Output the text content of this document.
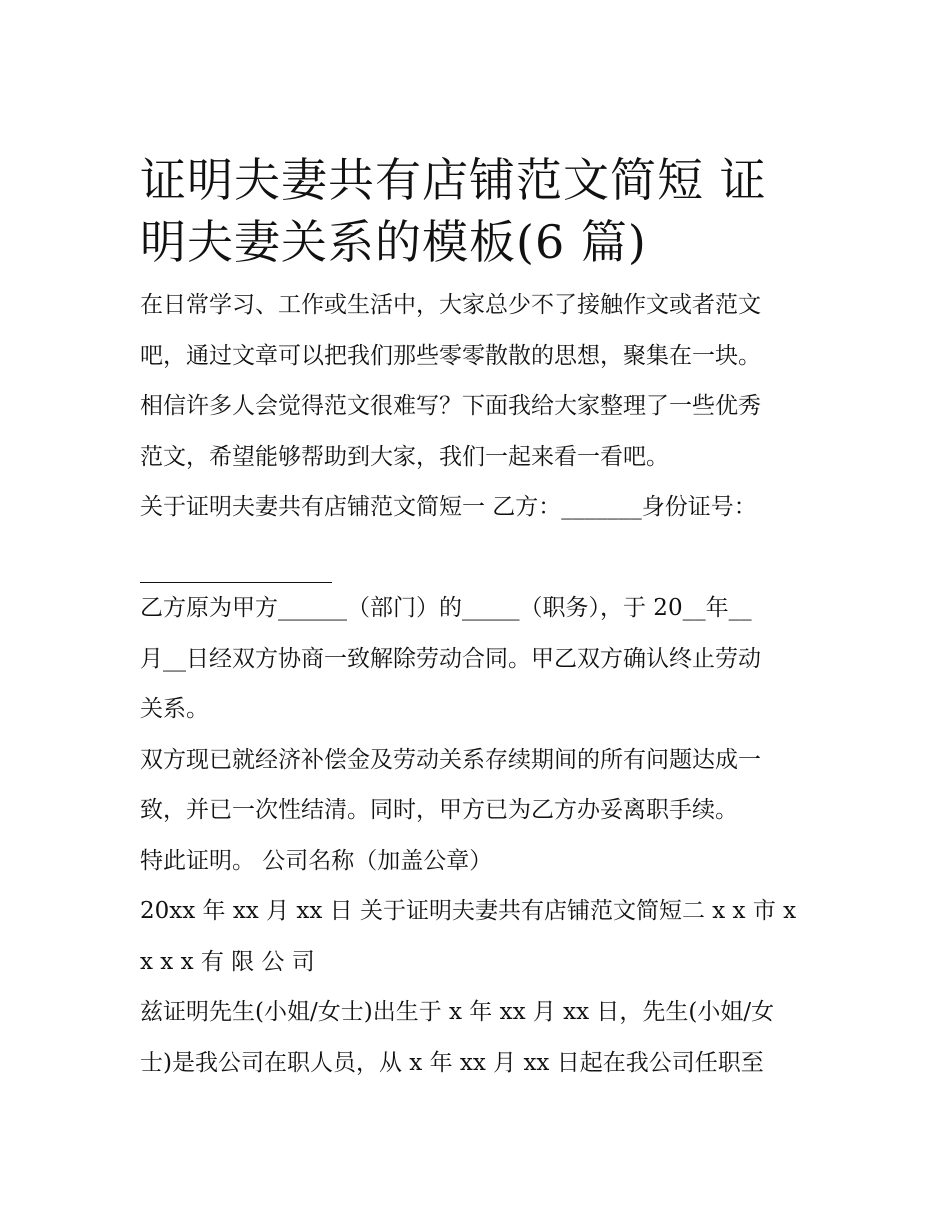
证明夫妻共有店铺范文简短 证
明夫妻关系的模板(6 篇)
在日常学习、工作或生活中，大家总少不了接触作文或者范文
吧，通过文章可以把我们那些零零散散的思想，聚集在一块。
相信许多人会觉得范文很难写？下面我给大家整理了一些优秀
范文，希望能够帮助到大家，我们一起来看一看吧。
关于证明夫妻共有店铺范文简短一 乙方：_______身份证号：
乙方原为甲方______（部门）的_____（职务），于 20__年__
月__日经双方协商一致解除劳动合同。甲乙双方确认终止劳动
关系。
双方现已就经济补偿金及劳动关系存续期间的所有问题达成一
致，并已一次性结清。同时，甲方已为乙方办妥离职手续。
特此证明。 公司名称（加盖公章）
20xx 年 xx 月 xx 日 关于证明夫妻共有店铺范文简短二 x x 市 x
x x x 有 限 公 司
兹证明先生(小姐/女士)出生于 x 年 xx 月 xx 日，先生(小姐/女
士)是我公司在职人员，从 x 年 xx 月 xx 日起在我公司任职至
